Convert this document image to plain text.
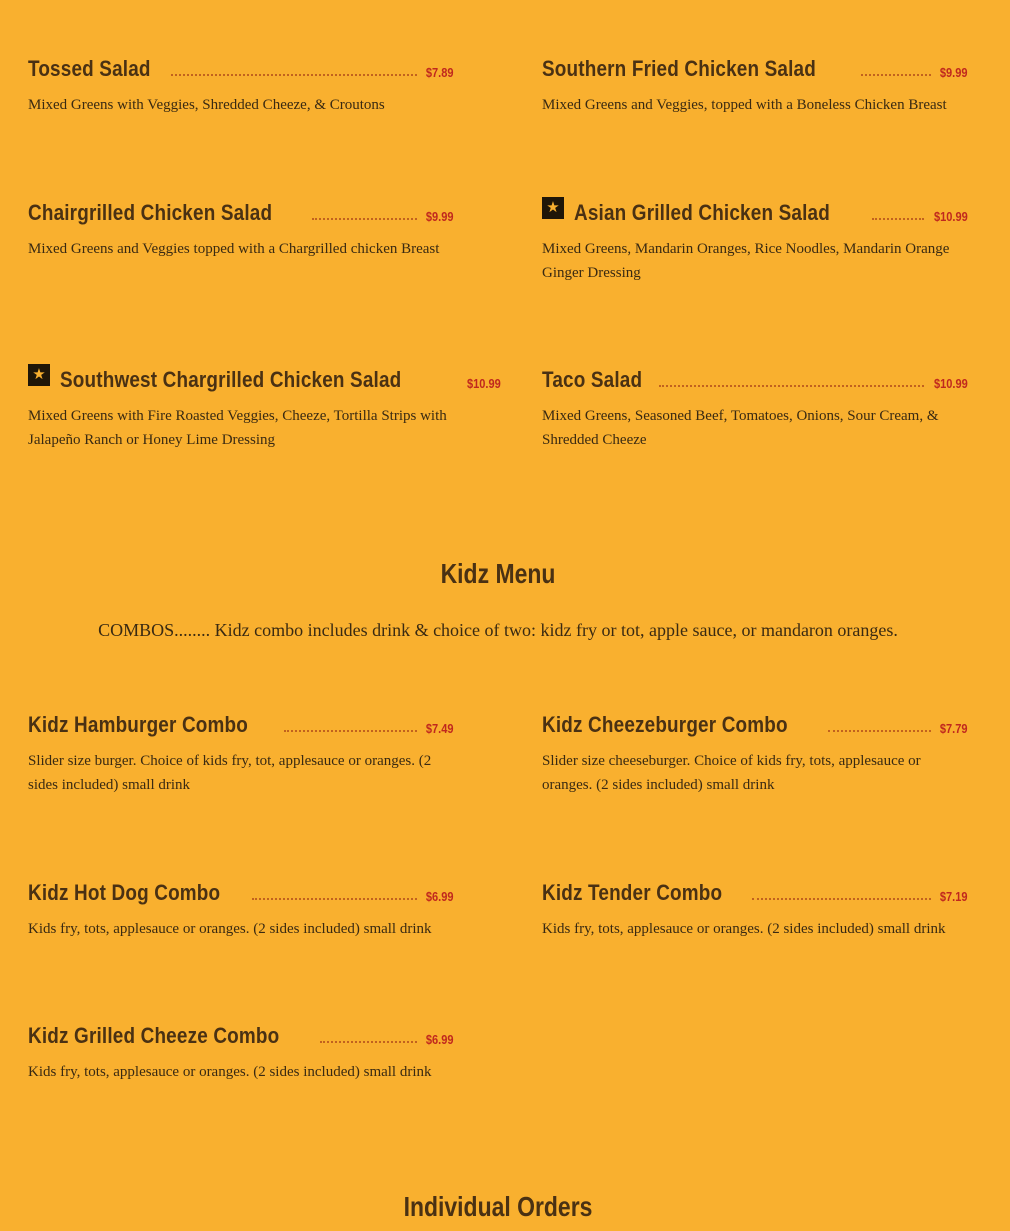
Tossed Salad	$7.89
Mixed Greens with Veggies, Shredded Cheeze, & Croutons
Southern Fried Chicken Salad	$9.99
Mixed Greens and Veggies, topped with a Boneless Chicken Breast
Chairgrilled Chicken Salad	$9.99
Mixed Greens and Veggies topped with a Chargrilled chicken Breast
★ Asian Grilled Chicken Salad	$10.99
Mixed Greens, Mandarin Oranges, Rice Noodles, Mandarin Orange Ginger Dressing
★ Southwest Chargrilled Chicken Salad	$10.99
Mixed Greens with Fire Roasted Veggies, Cheeze, Tortilla Strips with Jalapeño Ranch or Honey Lime Dressing
Taco Salad	$10.99
Mixed Greens, Seasoned Beef, Tomatoes, Onions, Sour Cream, & Shredded Cheeze
Kidz Menu
COMBOS........ Kidz combo includes drink & choice of two: kidz fry or tot, apple sauce, or mandaron oranges.
Kidz Hamburger Combo	$7.49
Slider size burger. Choice of kids fry, tot, applesauce or oranges. (2 sides included) small drink
Kidz Cheezeburger Combo	$7.79
Slider size cheeseburger. Choice of kids fry, tots, applesauce or oranges. (2 sides included) small drink
Kidz Hot Dog Combo	$6.99
Kids fry, tots, applesauce or oranges. (2 sides included) small drink
Kidz Tender Combo	$7.19
Kids fry, tots, applesauce or oranges. (2 sides included) small drink
Kidz Grilled Cheeze Combo	$6.99
Kids fry, tots, applesauce or oranges. (2 sides included) small drink
Individual Orders
